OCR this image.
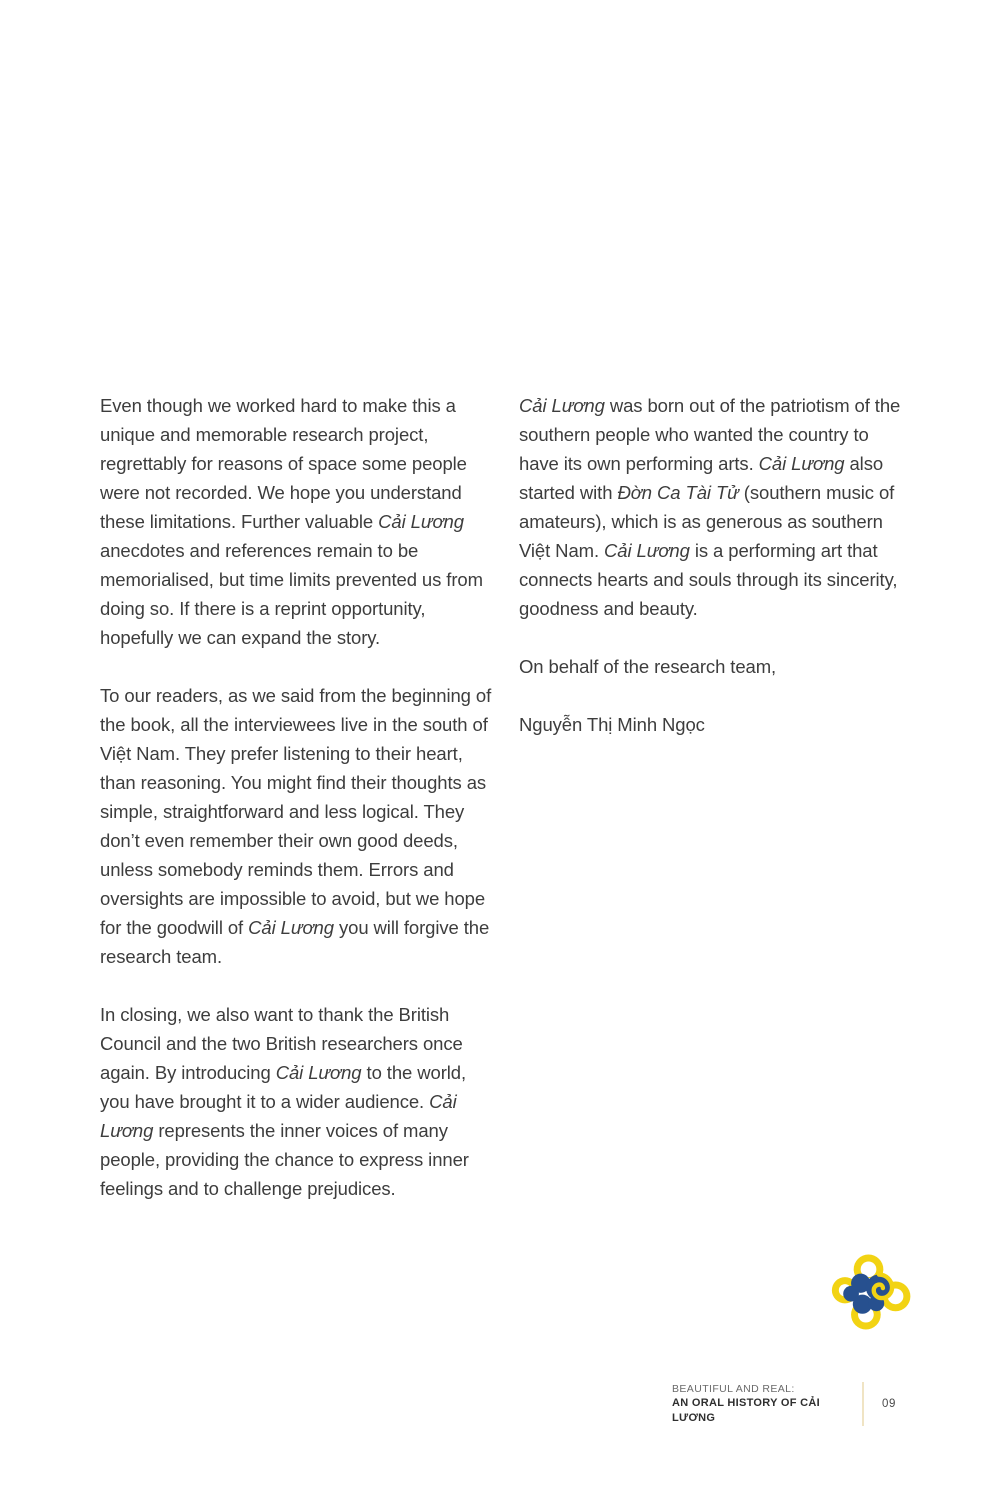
Even though we worked hard to make this a unique and memorable research project, regrettably for reasons of space some people were not recorded. We hope you understand these limitations. Further valuable Cải Lương anecdotes and references remain to be memorialised, but time limits prevented us from doing so. If there is a reprint opportunity, hopefully we can expand the story.

To our readers, as we said from the beginning of the book, all the interviewees live in the south of Việt Nam. They prefer listening to their heart, than reasoning. You might find their thoughts as simple, straightforward and less logical. They don’t even remember their own good deeds, unless somebody reminds them. Errors and oversights are impossible to avoid, but we hope for the goodwill of Cải Lương you will forgive the research team.

In closing, we also want to thank the British Council and the two British researchers once again. By introducing Cải Lương to the world, you have brought it to a wider audience. Cải Lương represents the inner voices of many people, providing the chance to express inner feelings and to challenge prejudices.

Cải Lương was born out of the patriotism of the southern people who wanted the country to have its own performing arts. Cải Lương also started with Đờn Ca Tài Tử (southern music of amateurs), which is as generous as southern Việt Nam. Cải Lương is a performing art that connects hearts and souls through its sincerity, goodness and beauty.

On behalf of the research team,

Nguyễn Thị Minh Ngọc

BEAUTIFUL AND REAL:
AN ORAL HISTORY OF CẢI LƯƠNG
09
